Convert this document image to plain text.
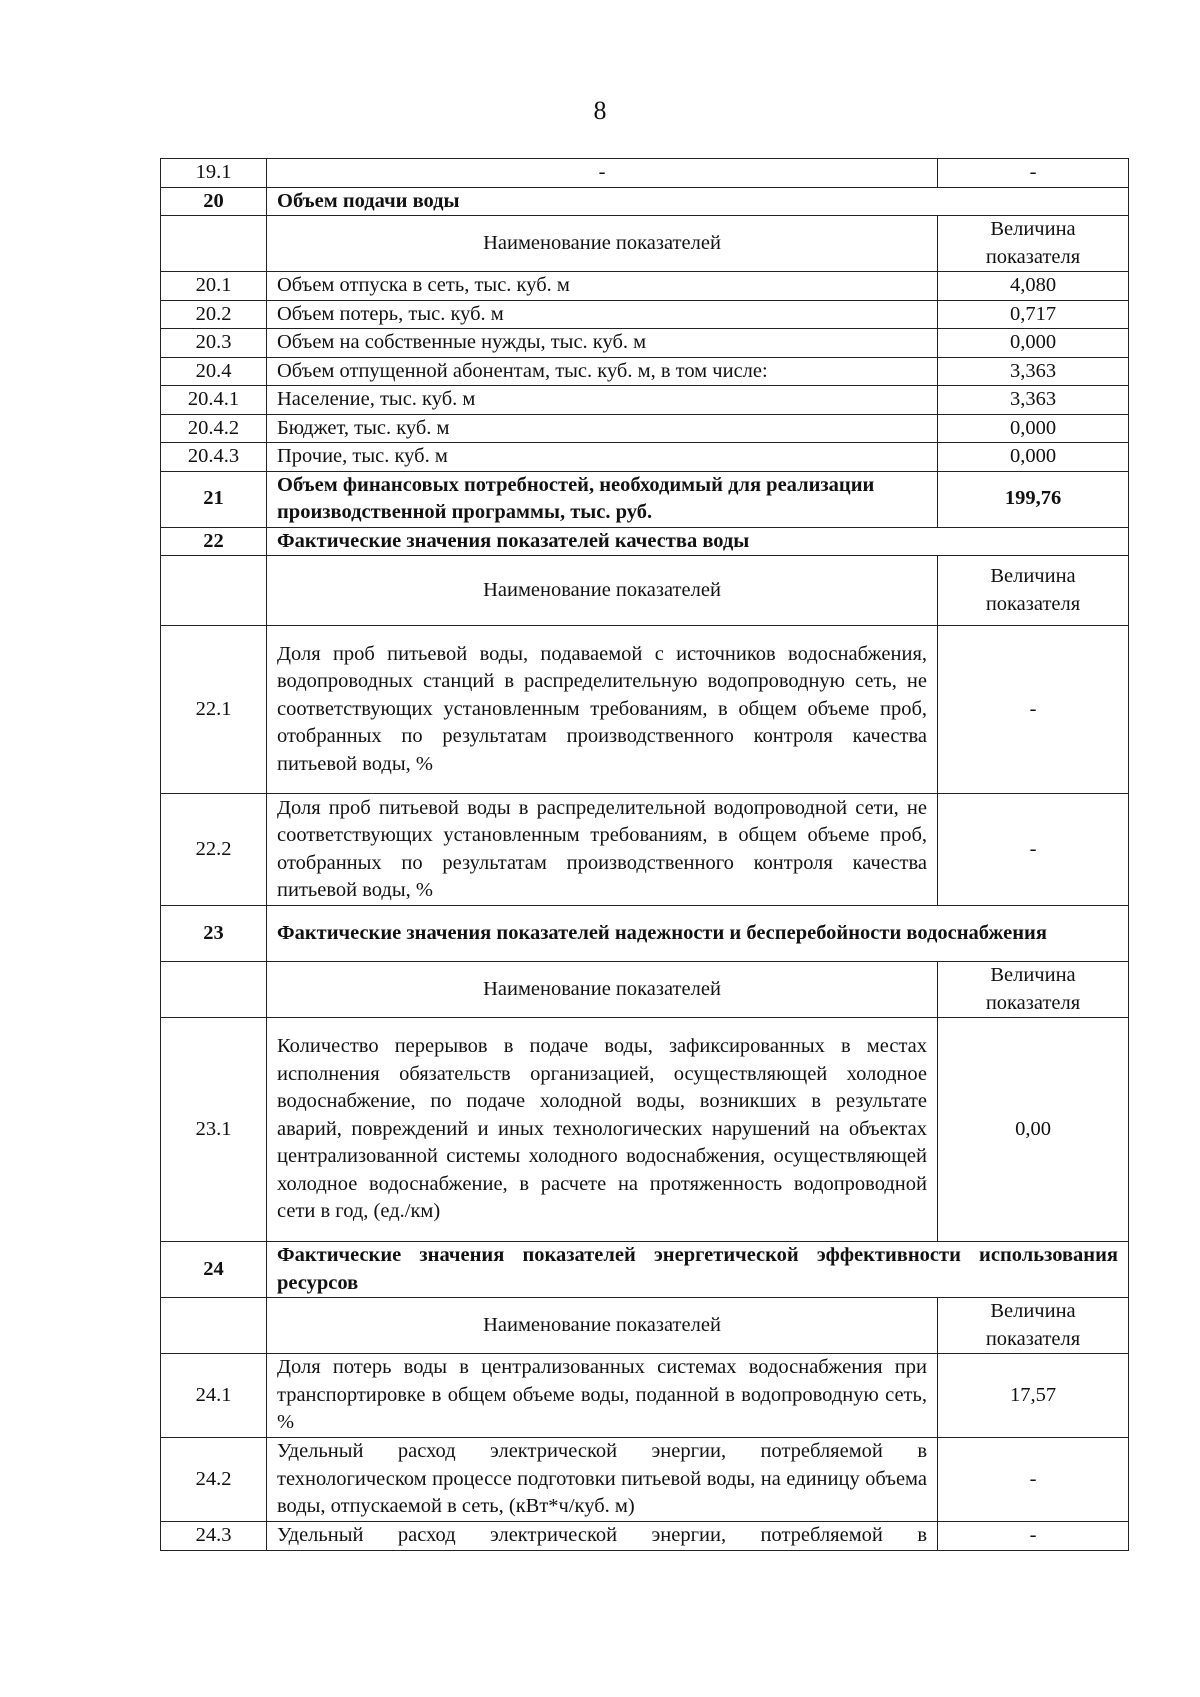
8
19.1	-	-
20	Объем подачи воды	
	Наименование показателей	Величина показателя
20.1	Объем отпуска в сеть, тыс. куб. м	4,080
20.2	Объем потерь, тыс. куб. м	0,717
20.3	Объем на собственные нужды, тыс. куб. м	0,000
20.4	Объем отпущенной абонентам, тыс. куб. м, в том числе:	3,363
20.4.1	Население, тыс. куб. м	3,363
20.4.2	Бюджет, тыс. куб. м	0,000
20.4.3	Прочие, тыс. куб. м	0,000
21	Объем финансовых потребностей, необходимый для реализации производственной программы, тыс. руб.	199,76
22	Фактические значения показателей качества воды	
	Наименование показателей	Величина показателя
22.1	Доля проб питьевой воды, подаваемой с источников водоснабжения, водопроводных станций в распределительную водопроводную сеть, не соответствующих установленным требованиям, в общем объеме проб, отобранных по результатам производственного контроля качества питьевой воды, %	-
22.2	Доля проб питьевой воды в распределительной водопроводной сети, не соответствующих установленным требованиям, в общем объеме проб, отобранных по результатам производственного контроля качества питьевой воды, %	-
23	Фактические значения показателей надежности и бесперебойности водоснабжения	
	Наименование показателей	Величина показателя
23.1	Количество перерывов в подаче воды, зафиксированных в местах исполнения обязательств организацией, осуществляющей холодное водоснабжение, по подаче холодной воды, возникших в результате аварий, повреждений и иных технологических нарушений на объектах централизованной системы холодного водоснабжения, осуществляющей холодное водоснабжение, в расчете на протяженность водопроводной сети в год, (ед./км)	0,00
24	Фактические значения показателей энергетической эффективности использования ресурсов	
	Наименование показателей	Величина показателя
24.1	Доля потерь воды в централизованных системах водоснабжения при транспортировке в общем объеме воды, поданной в водопроводную сеть, %	17,57
24.2	Удельный расход электрической энергии, потребляемой в технологическом процессе подготовки питьевой воды, на единицу объема воды, отпускаемой в сеть, (кВт*ч/куб. м)	-
24.3	Удельный расход электрической энергии, потребляемой в	-
